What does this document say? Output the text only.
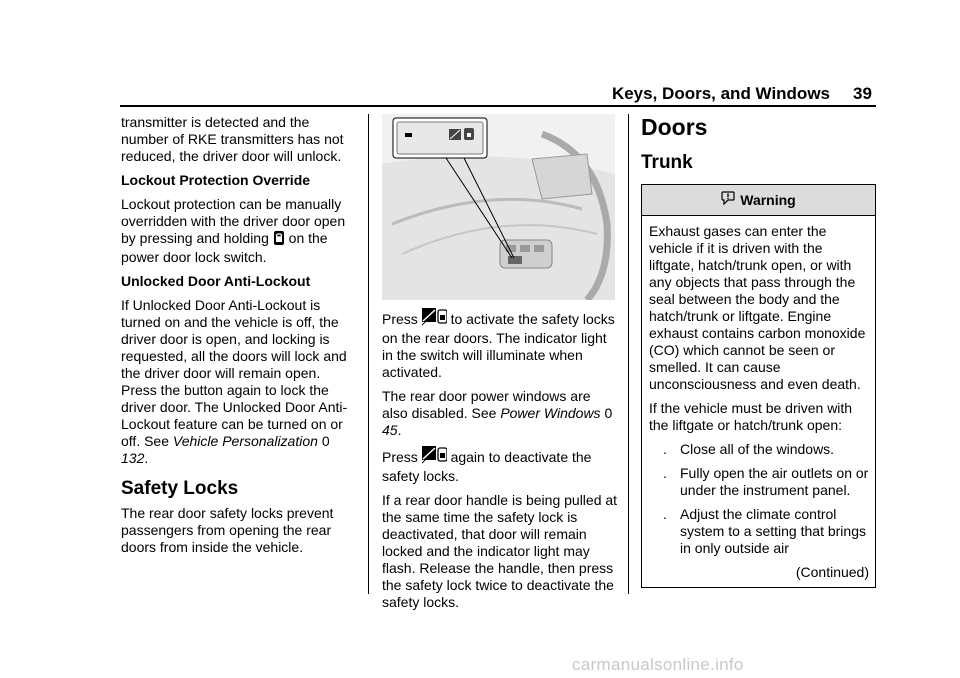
Keys, Doors, and Windows 39

transmitter is detected and the number of RKE transmitters has not reduced, the driver door will unlock.

Lockout Protection Override

Lockout protection can be manually overridden with the driver door open by pressing and holding on the power door lock switch.

Unlocked Door Anti-Lockout

If Unlocked Door Anti-Lockout is turned on and the vehicle is off, the driver door is open, and locking is requested, all the doors will lock and the driver door will remain open. Press the button again to lock the driver door. The Unlocked Door Anti-Lockout feature can be turned on or off. See Vehicle Personalization 0 132.

Safety Locks

The rear door safety locks prevent passengers from opening the rear doors from inside the vehicle.

Press to activate the safety locks on the rear doors. The indicator light in the switch will illuminate when activated.

The rear door power windows are also disabled. See Power Windows 0 45.

Press again to deactivate the safety locks.

If a rear door handle is being pulled at the same time the safety lock is deactivated, that door will remain locked and the indicator light may flash. Release the handle, then press the safety lock twice to deactivate the safety locks.

Doors
Trunk
Warning

Exhaust gases can enter the vehicle if it is driven with the liftgate, hatch/trunk open, or with any objects that pass through the seal between the body and the hatch/trunk or liftgate. Engine exhaust contains carbon monoxide (CO) which cannot be seen or smelled. It can cause unconsciousness and even death.

If the vehicle must be driven with the liftgate or hatch/trunk open:

. Close all of the windows.
. Fully open the air outlets on or under the instrument panel.
. Adjust the climate control system to a setting that brings in only outside air
(Continued)
carmanualsonline.info
